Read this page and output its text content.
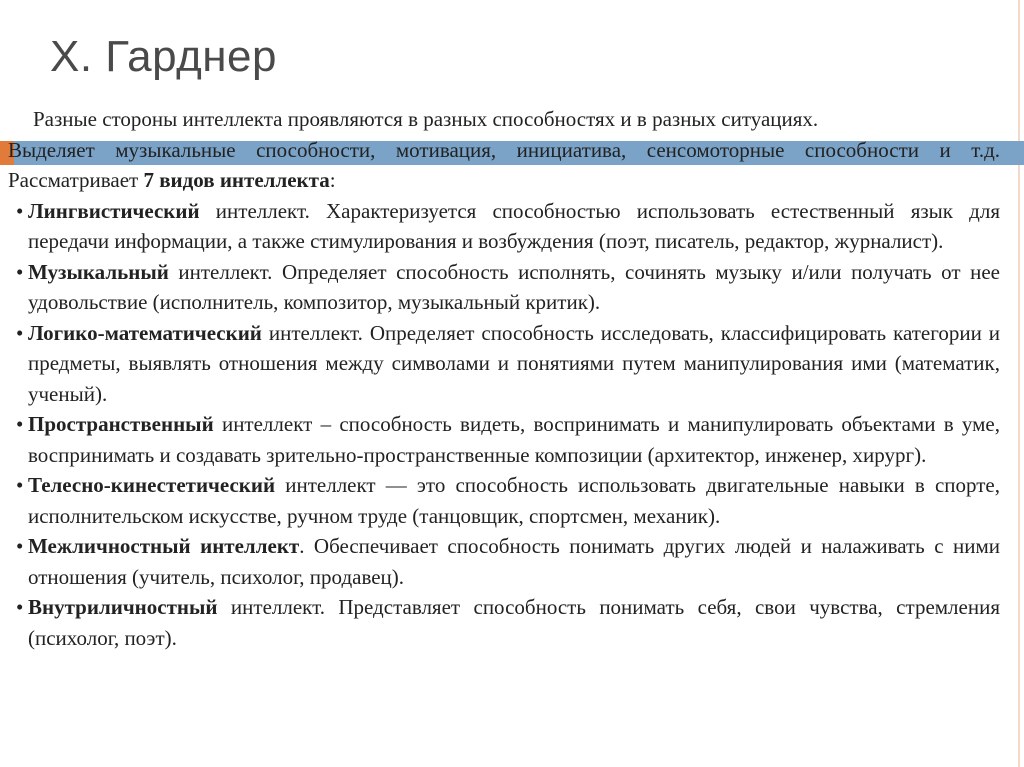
Х. Гарднер

Разные стороны интеллекта проявляются в разных способностях и в разных ситуациях.

Выделяет музыкальные способности, мотивация, инициатива, сенсомоторные способности и т.д. Рассматривает 7 видов интеллекта:

• Лингвистический интеллект. Характеризуется способностью использовать естественный язык для передачи информации, а также стимулирования и возбуждения (поэт, писатель, редактор, журналист).

• Музыкальный интеллект. Определяет способность исполнять, сочинять музыку и/или получать от нее удовольствие (исполнитель, композитор, музыкальный критик).

• Логико-математический интеллект. Определяет способность исследовать, классифицировать категории и предметы, выявлять отношения между символами и понятиями путем манипулирования ими (математик, ученый).

• Пространственный интеллект – способность видеть, воспринимать и манипулировать объектами в уме, воспринимать и создавать зрительно-пространственные композиции (архитектор, инженер, хирург).

• Телесно-кинестетический интеллект — это способность использовать двигательные навыки в спорте, исполнительском искусстве, ручном труде (танцовщик, спортсмен, механик).

• Межличностный интеллект. Обеспечивает способность понимать других людей и налаживать с ними отношения (учитель, психолог, продавец).

• Внутриличностный интеллект. Представляет способность понимать себя, свои чувства, стремления (психолог, поэт).
